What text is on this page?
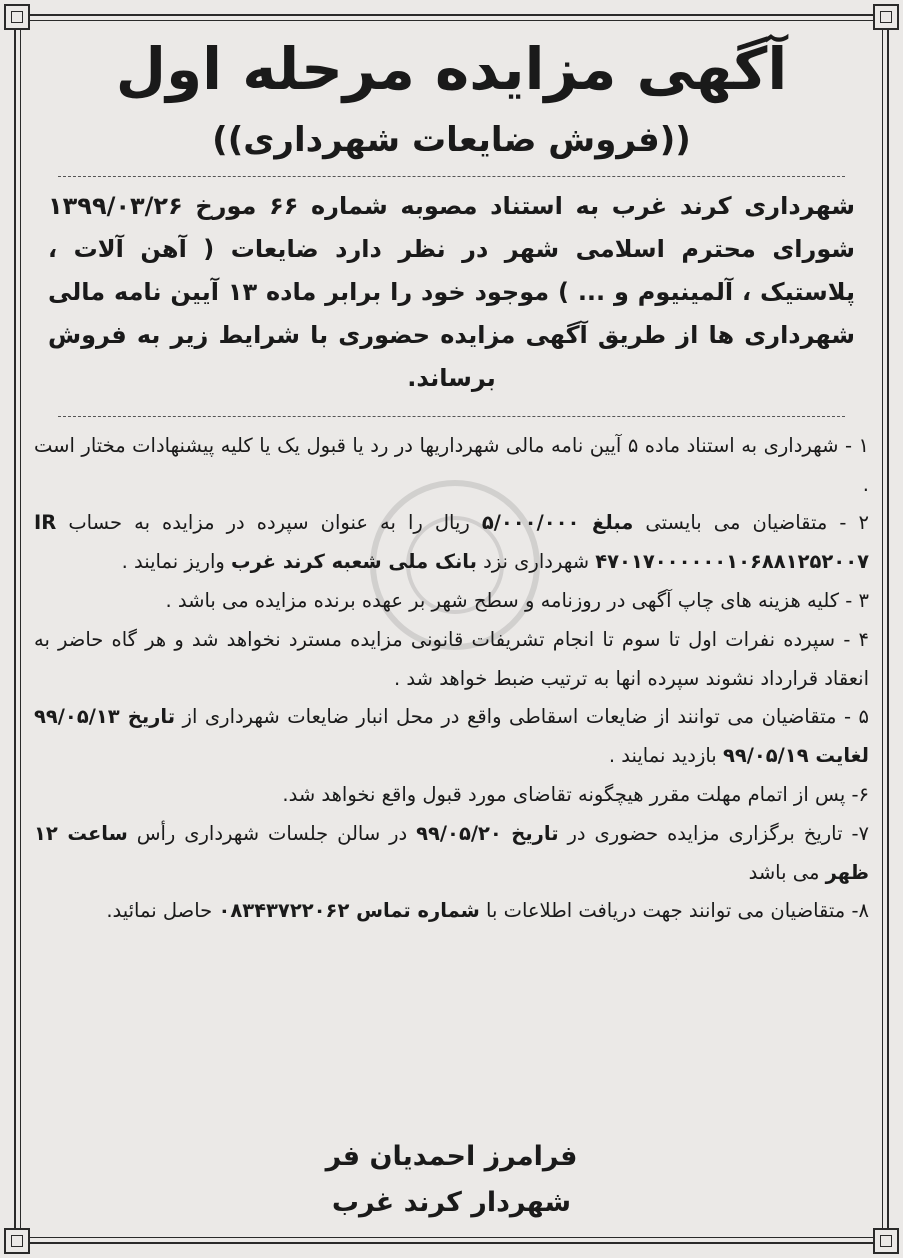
آگهی مزایده مرحله اول
((فروش ضایعات شهرداری))
شهرداری کرند غرب به استناد مصوبه شماره ۶۶ مورخ ۱۳۹۹/۰۳/۲۶ شورای محترم اسلامی شهر در نظر دارد ضایعات ( آهن آلات ، پلاستیک ، آلمینیوم و ... ) موجود خود را برابر ماده ۱۳ آیین نامه مالی شهرداری ها از طریق آگهی مزایده حضوری با شرایط زیر به فروش برساند.
۱ - شهرداری به استناد ماده ۵ آیین نامه مالی شهرداریها در رد یا قبول یک یا کلیه پیشنهادات مختار است .
۲ - متقاضیان می بایستی مبلغ ۵/۰۰۰/۰۰۰ ریال را به عنوان سپرده در مزایده به حساب IR ۴۷۰۱۷۰۰۰۰۰۰۱۰۶۸۸۱۲۵۲۰۰۷ شهرداری نزد بانک ملی شعبه کرند غرب واریز نمایند .
۳ - کلیه هزینه های چاپ آگهی در روزنامه و سطح شهر بر عهده برنده مزایده می باشد .
۴ - سپرده نفرات اول تا سوم تا انجام تشریفات قانونی مزایده مسترد نخواهد شد و هر گاه حاضر به انعقاد قرارداد نشوند سپرده انها به ترتیب ضبط خواهد شد .
۵ - متقاضیان می توانند از ضایعات اسقاطی واقع در محل انبار ضایعات شهرداری از تاریخ ۹۹/۰۵/۱۳ لغایت ۹۹/۰۵/۱۹ بازدید نمایند .
۶- پس از اتمام مهلت مقرر هیچگونه تقاضای مورد قبول واقع نخواهد شد.
۷- تاریخ برگزاری مزایده حضوری در تاریخ ۹۹/۰۵/۲۰ در سالن جلسات شهرداری رأس ساعت ۱۲ ظهر می باشد
۸- متقاضیان می توانند جهت دریافت اطلاعات با شماره تماس ۰۸۳۴۳۷۲۲۰۶۲ حاصل نمائید.
فرامرز احمدیان فر
شهردار کرند غرب
